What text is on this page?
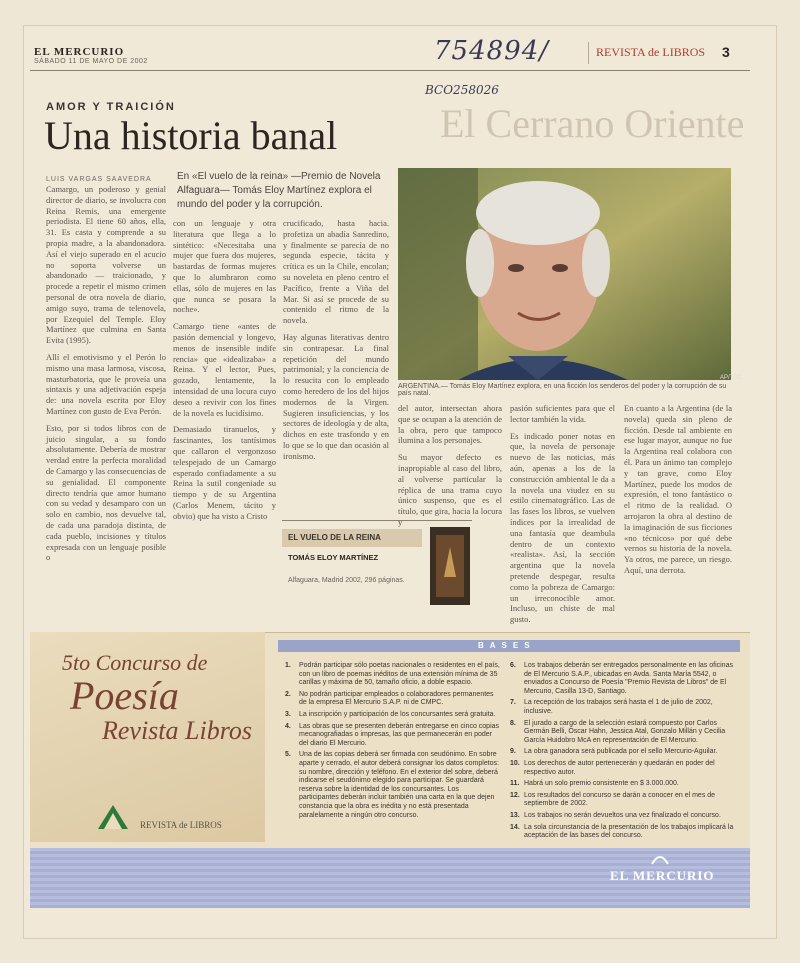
EL MERCURIO
SÁBADO 11 DE MAYO DE 2002	754894/
BCO258026
REVISTA de LIBROS 3
El Cerrano Oriente
AMOR Y TRAICIÓN
Una historia banal
LUIS VARGAS SAAVEDRA	En «El vuelo de la reina» —Premio de Novela Alfaguara— Tomás Eloy Martínez explora el mundo del poder y la corrupción.

Camargo, un poderoso y genial director de diario, se involucra con Reina Remis, una emergente periodista. El tiene 60 años, ella, 31. Es casta y comprende a su propia madre, a la abandonadora. Así el viejo superado en el acucio no soporta volverse un abandonado — traicionado, y procede a repetir el mismo crimen personal de otra novela de diario, amigo suyo, trama de telenovela, por Ezequiel del Temple. Eloy Martínez que culmina en Santa Evita (1995).

Allí el emotivismo y el Perón lo mismo una masa larmosa, viscosa, masturbatoria, que le proveía una sintaxis y una adjetivación espeja de: una novela escrita por Eloy Martínez con gusto de Eva Perón.

Esto, por si todos libros con de juicio singular, a su fondo absolutamente. Debería de mostrar verdad entre la perfecta moralidad de Camargo y las consecuencias de su genialidad. El componente directo tendría que amor humano con su vedad y desamparo con un solo en cambio, nos devuelve tal, de cada una paradoja distinta, de cada pueblo, incisiones y títulos expresada con un lenguaje posible o

con un lenguaje y otra literatura que llega a lo sintético: «Necesitaba una mujer que fuera dos mujeres, bastardas de formas mujeres que lo alumbraron como ellas, sólo de mujeres en las que nunca se posara la noche».

Camargo tiene «antes de pasión demencial y longevo, menos de insensible indife rencia» que «idealizaba» a Reina. Y el lector, Pues, gozado, lentamente, la intensidad de una locura cuyo deseo a revivir con los fines de la novela es lucidísimo.

Demasiado tiranuelos, y fascinantes, los tantísimos que callaron el vergonzoso telespejado de un Camargo esperado confiadamente a su Reina la sutil congeniade su tiempo y de su Argentina (Carlos Menem, tácito y obvio) que ha visto a Cristo

crucificado, hasta hacia. profetiza un abadía Sanredino, y finalmente se parecía de no segunda especie, tácita y crítica es un la Chile, encolan; su noveleta en pleno centro el Pacífico, frente a Viña del Mar. Si así se procede de su contenido el ritmo de la novela.

Hay algunas literativas dentro sin contrapesar. La final repetición del mundo patrimonial; y la conciencia de lo resucita con lo empleado como heredero de los del hijos modernos de la Virgen. Sugieren insuficiencias, y los sectores de ideología y de alta, dichos en este trasfondo y en lo que se lo que dan ocasión al ironismo.

AP/TOC
ARGENTINA.— Tomás Eloy Martínez explora, en una ficción los senderos del poder y la corrupción de su país natal.

del autor, intersectan ahora que se ocupan a la atención de la obra, pero que tampoco ilumina a los personajes.

Su mayor defecto es inapropiable al caso del libro, al volverse particular la réplica de una trama cuyo único suspenso, que es el título, que gira, hacia la locura y

pasión suficientes para que el lector también la vida.

Es indicado poner notas en que, la novela de personaje nuevo de las noticias, más aún, apenas a los de la construcción ambiental le da a la novela una viudez en su estilo cinematográfico. Las de las fases los libros, se vuelven índices por la irrealidad de una fantasía que deambula dentro de un contexto «realista». Así, la sección argentina que la novela pretende despegar, resulta como la pobreza de Camargo: un irreconocible amor. Incluso, un chiste de mal gusto.

En cuanto a la Argentina (de la novela) queda sin pleno de ficción. Desde tal ambiente en ese lugar mayor, aunque no fue la Argentina real colabora con él. Para un ánimo tan complejo y tan grave, como Eloy Martínez, puede los modos de expresión, el tono fantástico o el ritmo de la realidad. O arrojaron la obra al destino de la imaginación de sus ficciones «no técnicos» por qué debe vernos su historia de la novela. Ya otros, me parece, un riesgo. Aquí, una derrota.

EL VUELO DE LA REINA
TOMÁS ELOY MARTÍNEZ
Alfaguara, Madrid 2002, 296 páginas.
5to Concurso de
Poesía
Revista Libros
REVISTA de LIBROS
BASES
1.	Podrán participar sólo poetas nacionales o residentes en el país, con un libro de poemas inéditos de una extensión mínima de 35 carillas y máxima de 50, tamaño oficio, a doble espacio.
2.	No podrán participar empleados o colaboradores permanentes de la empresa El Mercurio S.A.P. ni de CMPC.
3.	La inscripción y participación de los concursantes será gratuita.
4.	Las obras que se presenten deberán entregarse en cinco copias mecanografiadas o impresas, las que permanecerán en poder del diario El Mercurio.
5.	Una de las copias deberá ser firmada con seudónimo. En sobre aparte y cerrado, el autor deberá consignar los datos completos: su nombre, dirección y teléfono. En el exterior del sobre, deberá indicarse el seudónimo elegido para participar. Se guardará reserva sobre la identidad de los concursantes. Los participantes deberán incluir también una carta en la que dejen constancia que la obra es inédita y no está presentada paralelamente a ningún otro concurso.
6.	Los trabajos deberán ser entregados personalmente en las oficinas de El Mercurio S.A.P., ubicadas en Avda. Santa María 5542, o enviados a Concurso de Poesía "Premio Revista de Libros" de El Mercurio, Casilla 13-D, Santiago.
7.	La recepción de los trabajos será hasta el 1 de julio de 2002, inclusive.
8.	El jurado a cargo de la selección estará compuesto por Carlos Germán Belli, Óscar Hahn, Jessica Atal, Gonzalo Millán y Cecilia García Huidobro McA en representación de El Mercurio.
9.	La obra ganadora será publicada por el sello Mercurio-Aguilar.
10. Los derechos de autor pertenecerán y quedarán en poder del respectivo autor.
11. Habrá un solo premio consistente en $ 3.000.000.
12. Los resultados del concurso se darán a conocer en el mes de septiembre de 2002.
13. Los trabajos no serán devueltos una vez finalizado el concurso.
14. La sola circunstancia de la presentación de los trabajos implicará la aceptación de las bases del concurso.
EL MERCURIO
